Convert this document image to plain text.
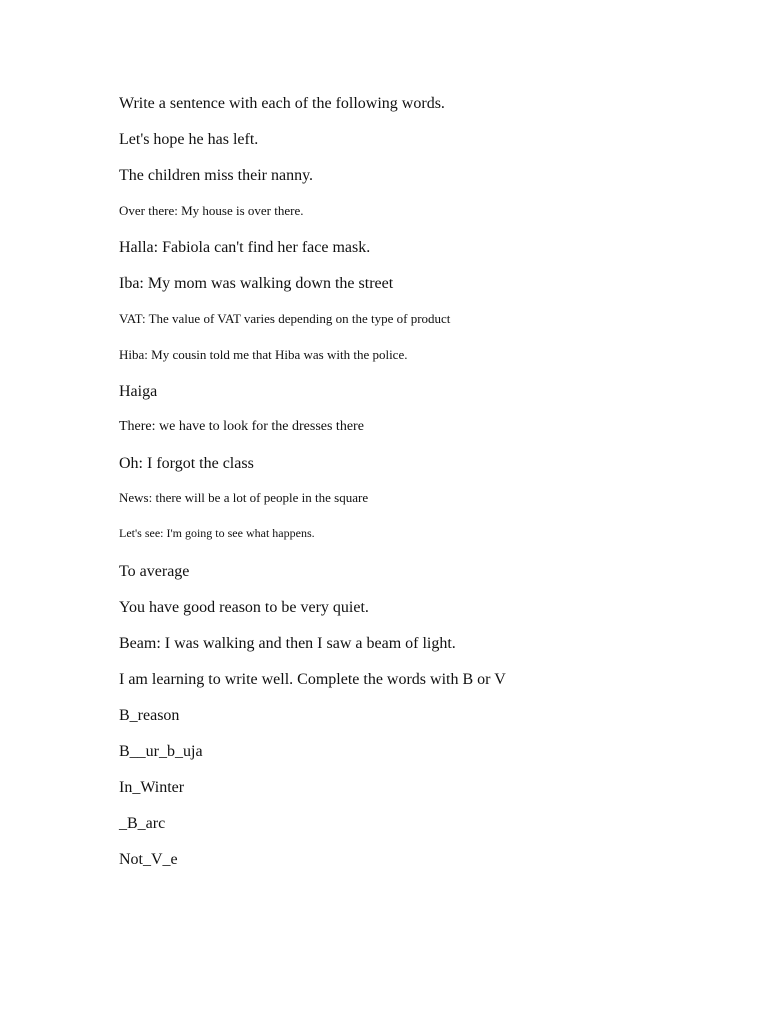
Write a sentence with each of the following words.
Let's hope he has left.
The children miss their nanny.
Over there: My house is over there.
Halla: Fabiola can't find her face mask.
Iba: My mom was walking down the street
VAT: The value of VAT varies depending on the type of product
Hiba: My cousin told me that Hiba was with the police.
Haiga
There: we have to look for the dresses there
Oh: I forgot the class
News: there will be a lot of people in the square
Let's see: I'm going to see what happens.
To average
You have good reason to be very quiet.
Beam: I was walking and then I saw a beam of light.
I am learning to write well. Complete the words with B or V
B_reason
B__ur_b_uja
In_Winter
_B_arc
Not_V_e
